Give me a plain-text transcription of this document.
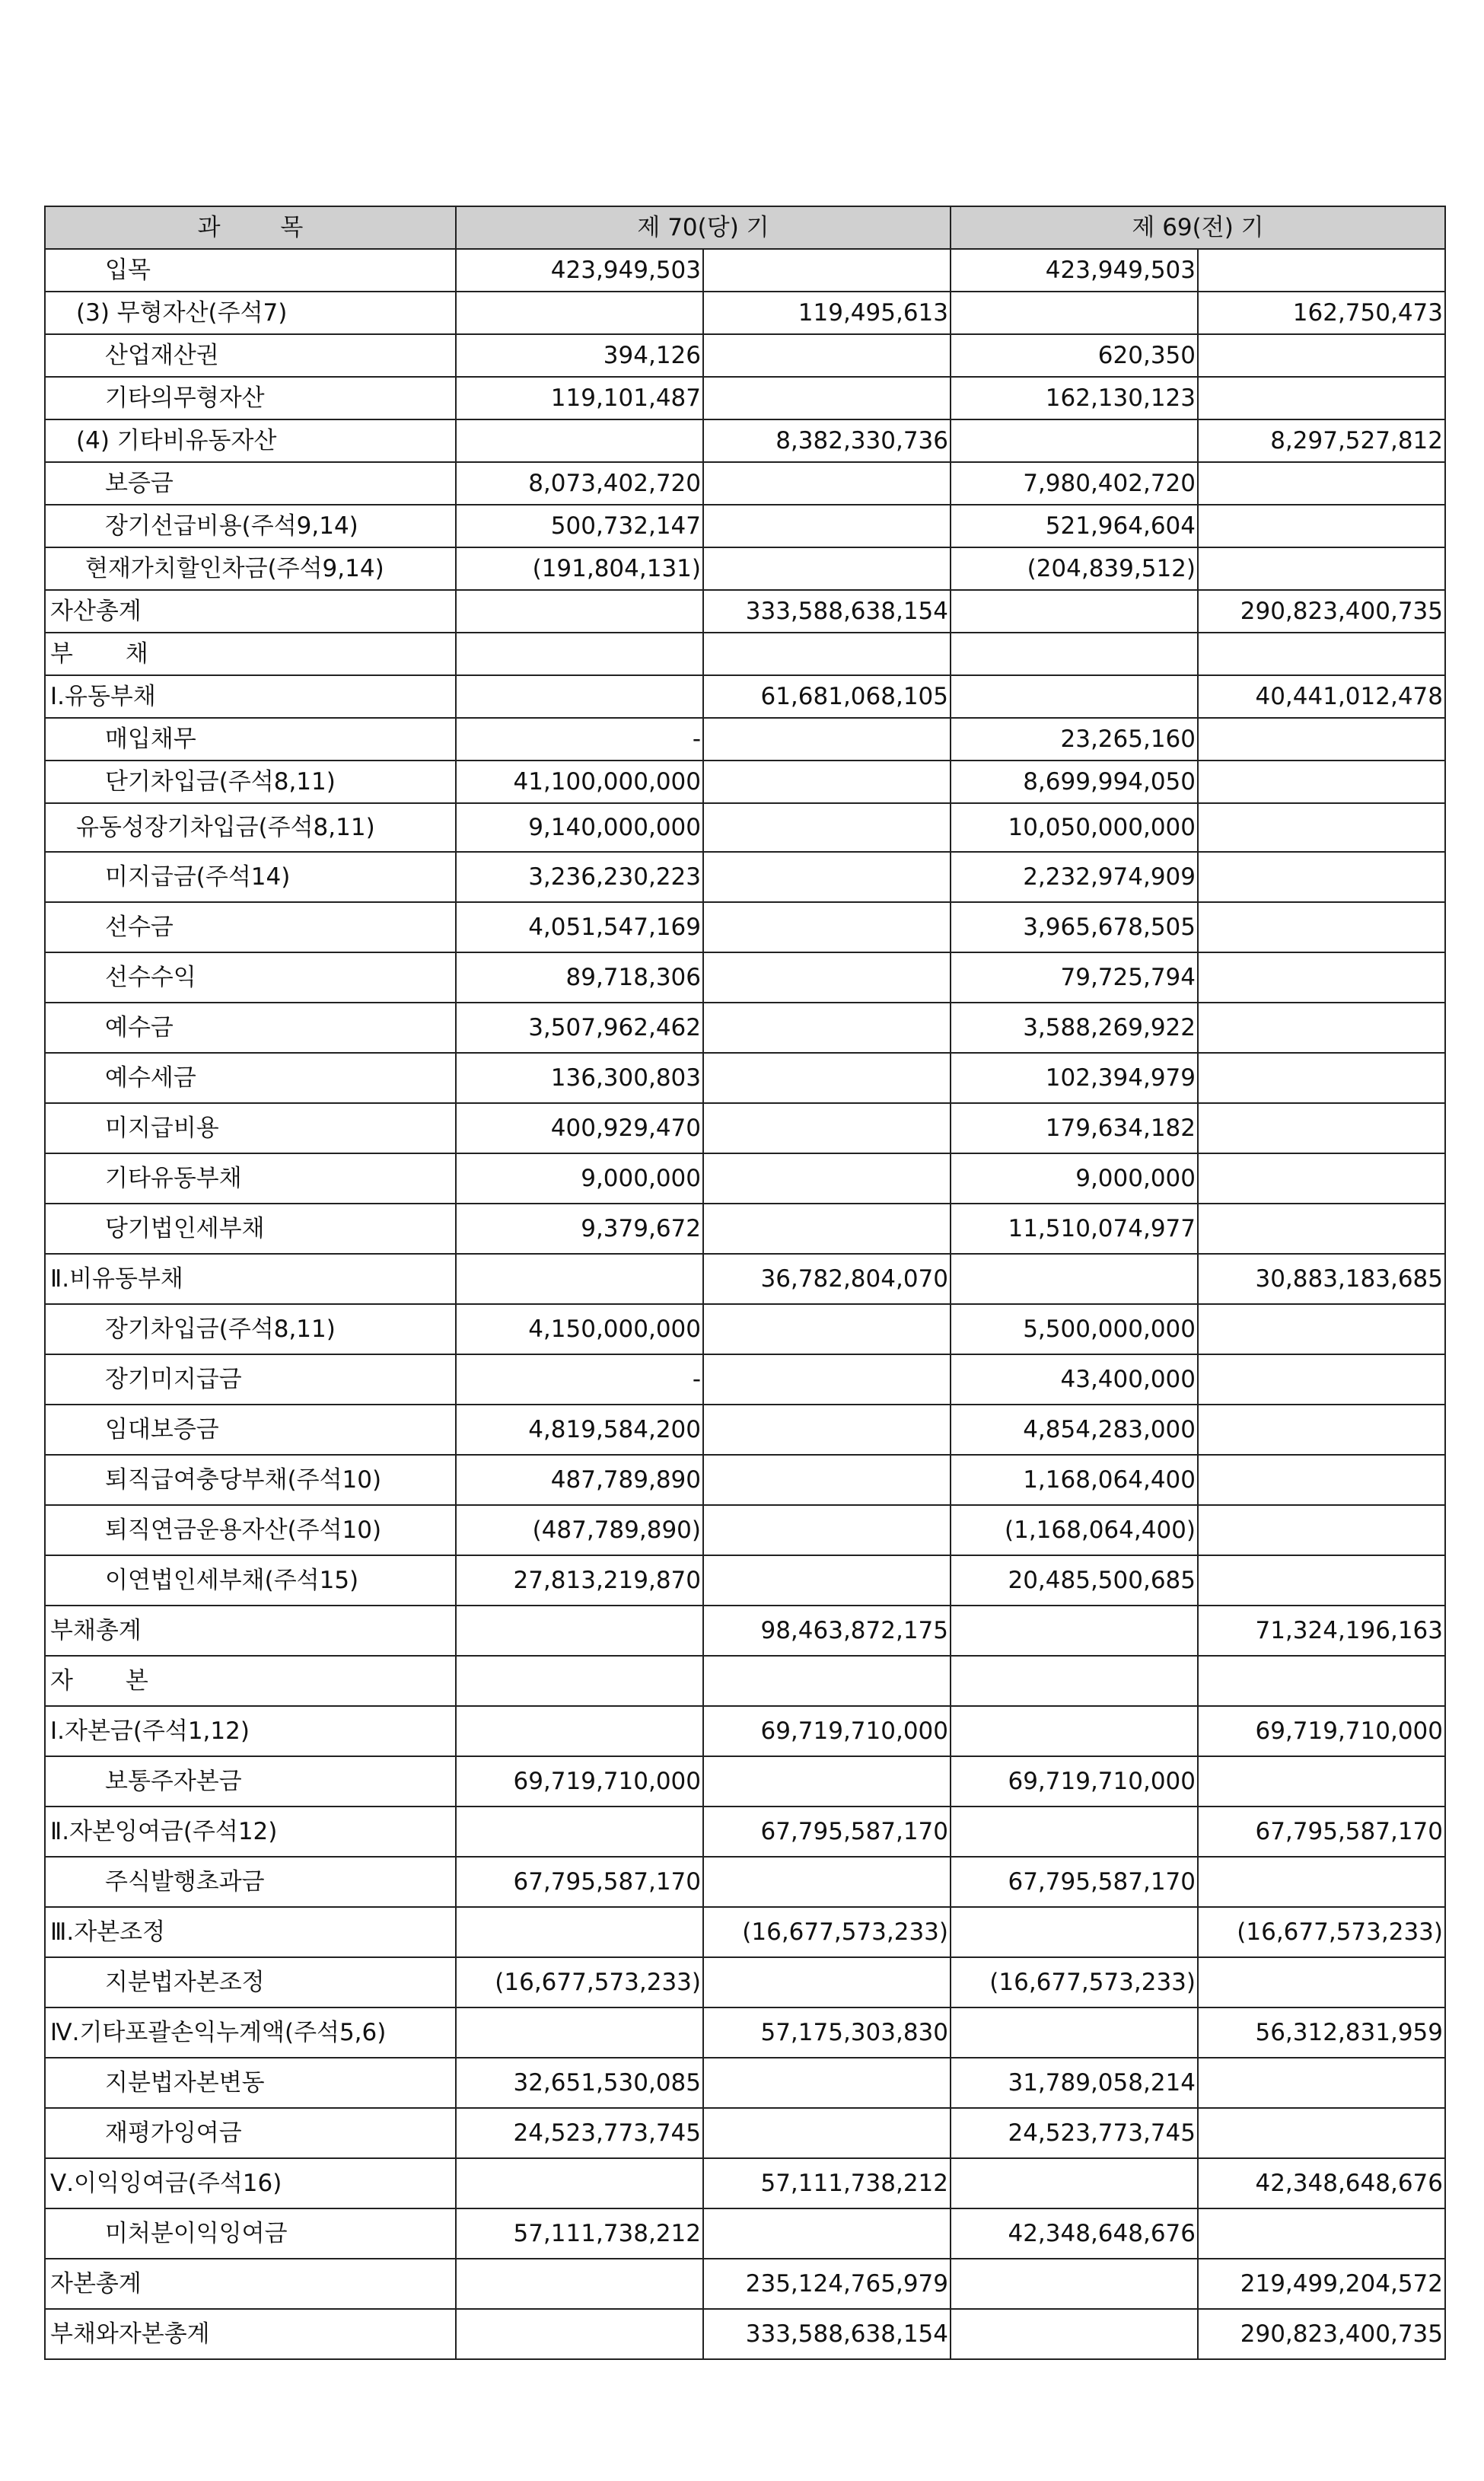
과        목	제 70(당) 기		제 69(전) 기	
입목	423,949,503		423,949,503	
(3) 무형자산(주석7)		119,495,613		162,750,473
산업재산권	394,126		620,350	
기타의무형자산	119,101,487		162,130,123	
(4) 기타비유동자산		8,382,330,736		8,297,527,812
보증금	8,073,402,720		7,980,402,720	
장기선급비용(주석9,14)	500,732,147		521,964,604	
현재가치할인차금(주석9,14)	(191,804,131)		(204,839,512)	
자산총계		333,588,638,154		290,823,400,735
부       채				
Ⅰ.유동부채		61,681,068,105		40,441,012,478
매입채무	-		23,265,160	
단기차입금(주석8,11)	41,100,000,000		8,699,994,050	
유동성장기차입금(주석8,11)	9,140,000,000		10,050,000,000	
미지급금(주석14)	3,236,230,223		2,232,974,909	
선수금	4,051,547,169		3,965,678,505	
선수수익	89,718,306		79,725,794	
예수금	3,507,962,462		3,588,269,922	
예수세금	136,300,803		102,394,979	
미지급비용	400,929,470		179,634,182	
기타유동부채	9,000,000		9,000,000	
당기법인세부채	9,379,672		11,510,074,977	
Ⅱ.비유동부채		36,782,804,070		30,883,183,685
장기차입금(주석8,11)	4,150,000,000		5,500,000,000	
장기미지급금	-		43,400,000	
임대보증금	4,819,584,200		4,854,283,000	
퇴직급여충당부채(주석10)	487,789,890		1,168,064,400	
퇴직연금운용자산(주석10)	(487,789,890)		(1,168,064,400)	
이연법인세부채(주석15)	27,813,219,870		20,485,500,685	
부채총계		98,463,872,175		71,324,196,163
자       본				
Ⅰ.자본금(주석1,12)		69,719,710,000		69,719,710,000
보통주자본금	69,719,710,000		69,719,710,000	
Ⅱ.자본잉여금(주석12)		67,795,587,170		67,795,587,170
주식발행초과금	67,795,587,170		67,795,587,170	
Ⅲ.자본조정		(16,677,573,233)		(16,677,573,233)
지분법자본조정	(16,677,573,233)		(16,677,573,233)	
Ⅳ.기타포괄손익누계액(주석5,6)		57,175,303,830		56,312,831,959
지분법자본변동	32,651,530,085		31,789,058,214	
재평가잉여금	24,523,773,745		24,523,773,745	
Ⅴ.이익잉여금(주석16)		57,111,738,212		42,348,648,676
미처분이익잉여금	57,111,738,212		42,348,648,676	
자본총계		235,124,765,979		219,499,204,572
부채와자본총계		333,588,638,154		290,823,400,735
